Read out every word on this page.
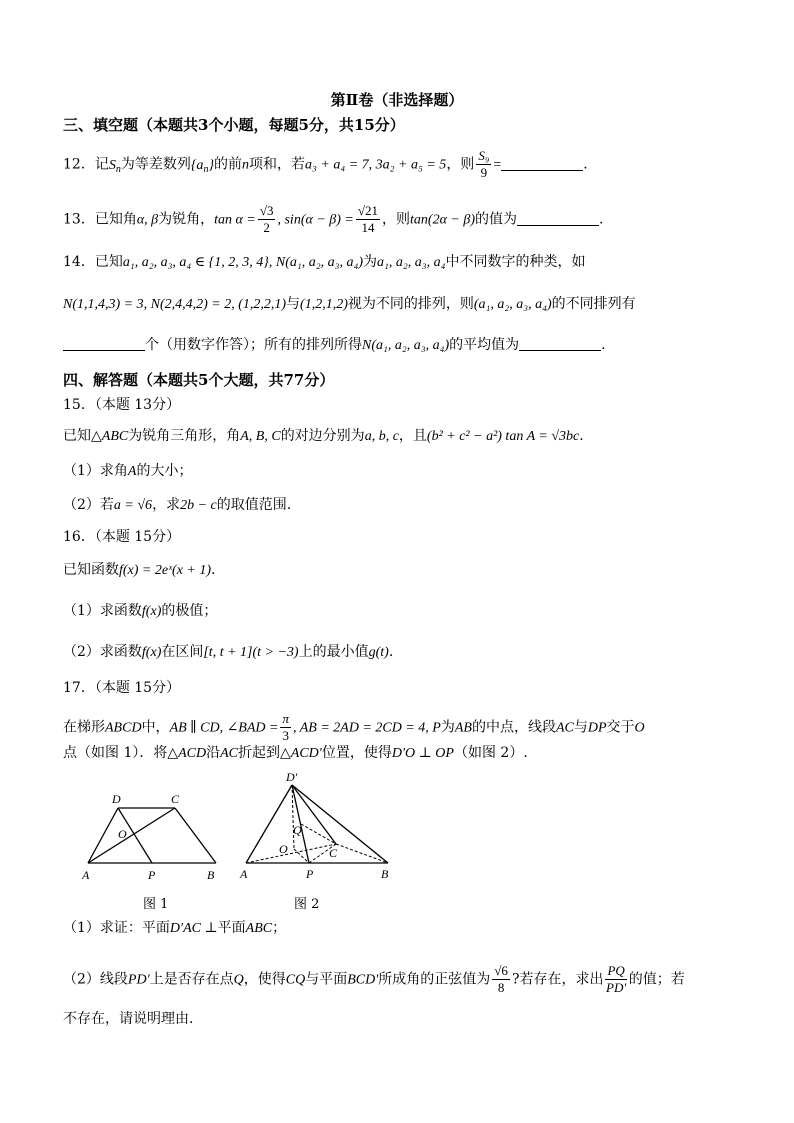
第Ⅱ卷（非选择题）
三、填空题（本题共3个小题，每题5分，共15分）
12．记$S_n$为等差数列$\{a_n\}$的前n项和，若a₃ + a₄ = 7, 3a₂ + a₅ = 5，则 $\frac{\text{S₉}}{9}$ =	.
13．已知角α, β为锐角，$\tan \alpha = \frac{√3}{2}$ , $\sin(\alpha - \beta) = \frac{√21}{14}$ ，则tan(2α − β)的值为	.
14．已知a₁, a₂, a₃, a₄ ∈ {1, 2, 3, 4}, N(a₁, a₂, a₃, a₄)为a₁, a₂, a₃, a₄中不同数字的种类，如
N(1,1,4,3) = 3, N(2,4,4,2) = 2, (1,2,2,1)与(1,2,1,2)视为不同的排列，则(a₁, a₂, a₃, a₄)的不同排列有
个（用数字作答）；所有的排列所得N(a₁, a₂, a₃, a₄)的平均值为	.
四、解答题（本题共5个大题，共77分）
15．（本题 13分）
已知△ABC为锐角三角形，角A, B, C的对边分别为a, b, c，且(b² + c² − a²) tan A = √3bc.
（1）求角A的大小；
（2）若a = √6，求2b − c的取值范围.
16．（本题 15分）
已知函数f(x) = 2eˣ(x + 1).
（1）求函数f(x)的极值；
（2）求函数f(x)在区间[t, t + 1](t > −3)上的最小值g(t).
17．（本题 15分）
在梯形ABCD中，AB ∥ CD, ∠BAD = $\frac{\pi}{3}$ , AB = 2AD = 2CD = 4, P为AB的中点，线段AC与DP交于O
点（如图 1）．将△ACD沿AC折起到△ACD′位置，使得D′O ⊥ OP（如图 2）.
D	C
O
A	P	B
图 1
D′
Q
O	C
A	P	B
图 2
（1）求证：平面D′AC ⊥平面ABC；
（2）线段PD′上是否存在点Q，使得CQ与平面BCD′所成角的正弦值为 $\frac{√6}{8}$ ?若存在，求出 $\frac{PQ}{PD'}$ 的值；若
不存在，请说明理由.
